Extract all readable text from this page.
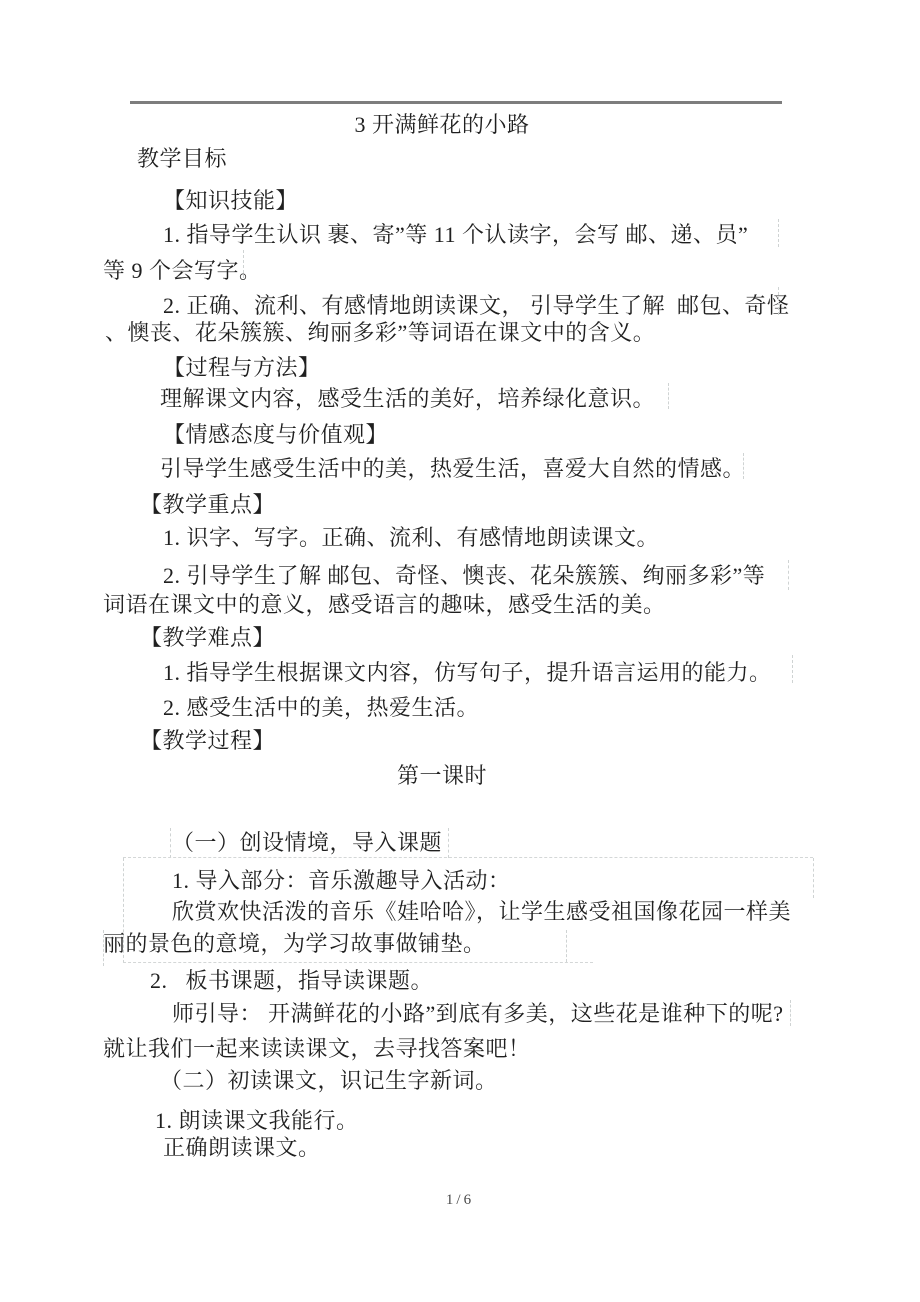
3 开满鲜花的小路
教学目标
【知识技能】
1. 指导学生认识 裹、寄”等 11 个认读字，会写 邮、递、员”
等 9 个会写字。
2. 正确、流利、有感情地朗读课文， 引导学生了解  邮包、奇怪
、懊丧、花朵簇簇、绚丽多彩”等词语在课文中的含义。
【过程与方法】
理解课文内容，感受生活的美好，培养绿化意识。
【情感态度与价值观】
引导学生感受生活中的美，热爱生活，喜爱大自然的情感。
【教学重点】
1. 识字、写字。正确、流利、有感情地朗读课文。
2. 引导学生了解 邮包、奇怪、懊丧、花朵簇簇、绚丽多彩”等
词语在课文中的意义，感受语言的趣味，感受生活的美。
【教学难点】
1. 指导学生根据课文内容，仿写句子，提升语言运用的能力。
2. 感受生活中的美，热爱生活。
【教学过程】
第一课时
（一）创设情境，导入课题
1. 导入部分：音乐激趣导入活动：
欣赏欢快活泼的音乐《娃哈哈》，让学生感受祖国像花园一样美
丽的景色的意境，为学习故事做铺垫。
2.   板书课题，指导读课题。
师引导： 开满鲜花的小路”到底有多美，这些花是谁种下的呢?
就让我们一起来读读课文，去寻找答案吧！
（二）初读课文，识记生字新词。
1. 朗读课文我能行。
正确朗读课文。
1/6
